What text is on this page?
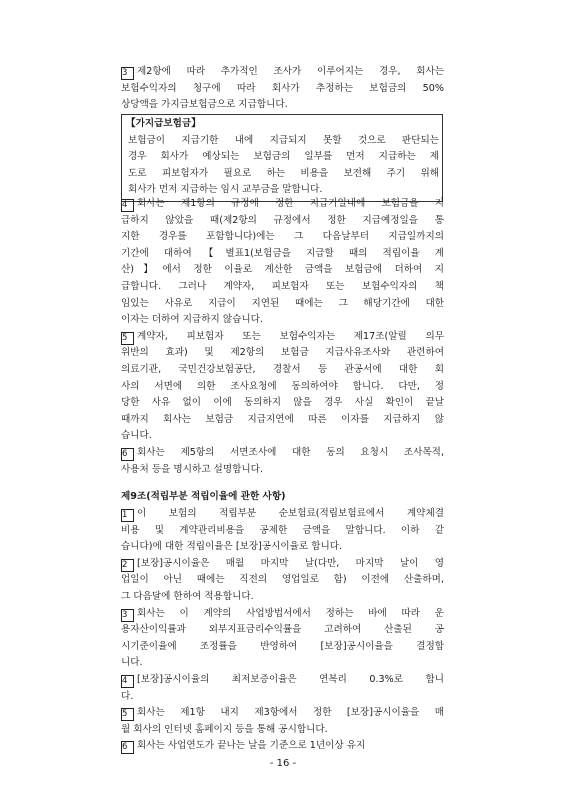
3 제2항에 따라 추가적인 조사가 이루어지는 경우, 회사는
보험수익자의 청구에 따라 회사가 추정하는 보험금의 50%
상당액을 가지급보험금으로 지급합니다.
【가지급보험금】
보험금이 지급기한 내에 지급되지 못할 것으로 판단되는
경우 회사가 예상되는 보험금의 일부를 먼저 지급하는 제
도로 피보험자가 필요로 하는 비용을 보전해 주기 위해
회사가 먼저 지급하는 임시 교부금을 말합니다.
4 회사는 제1항의 규정에 정한 지급기일내에 보험금을 지
급하지 않았을 때(제2항의 규정에서 정한 지급예정일을 통
지한 경우를 포함합니다)에는 그 다음날부터 지급일까지의
기간에 대하여【별표1(보험금을 지급할 때의 적립이율 계
산)】에서 정한 이율로 계산한 금액을 보험금에 더하여 지
급합니다. 그러나 계약자, 피보험자 또는 보험수익자의 책
임있는 사유로 지급이 지연된 때에는 그 해당기간에 대한
이자는 더하여 지급하지 않습니다.
5 계약자, 피보험자 또는 보험수익자는 제17조(알릴 의무
위반의 효과) 및 제2항의 보험금 지급사유조사와 관련하여
의료기관, 국민건강보험공단, 경찰서 등 관공서에 대한 회
사의 서면에 의한 조사요청에 동의하여야 합니다. 다만, 정
당한 사유 없이 이에 동의하지 않을 경우 사실 확인이 끝날
때까지 회사는 보험금 지급지연에 따른 이자를 지급하지 않
습니다.
6 회사는 제5항의 서면조사에 대한 동의 요청시 조사목적,
사용처 등을 명시하고 설명합니다.
제9조(적립부분 적립이율에 관한 사항)
1 이 보험의 적립부분 순보험료(적립보험료에서 계약체결
비용 및 계약관리비용을 공제한 금액을 말합니다. 이하 같
습니다)에 대한 적립이율은 [보장]공시이율로 합니다.
2 [보장]공시이율은 매월 마지막 날(다만, 마지막 날이 영
업일이 아닌 때에는 직전의 영업일로 함) 이전에 산출하며,
그 다음달에 한하여 적용합니다.
3 회사는 이 계약의 사업방법서에서 정하는 바에 따라 운
용자산이익률과 외부지표금리수익률을 고려하여 산출된 공
시기준이율에 조정률을 반영하여 [보장]공시이율을 결정합
니다.
4 [보장]공시이율의 최저보증이율은 연복리 0.3%로 합니
다.
5 회사는 제1항 내지 제3항에서 정한 [보장]공시이율을 매
월 회사의 인터넷 홈페이지 등을 통해 공시합니다.
6 회사는 사업연도가 끝나는 날을 기준으로 1년이상 유지
- 16 -
